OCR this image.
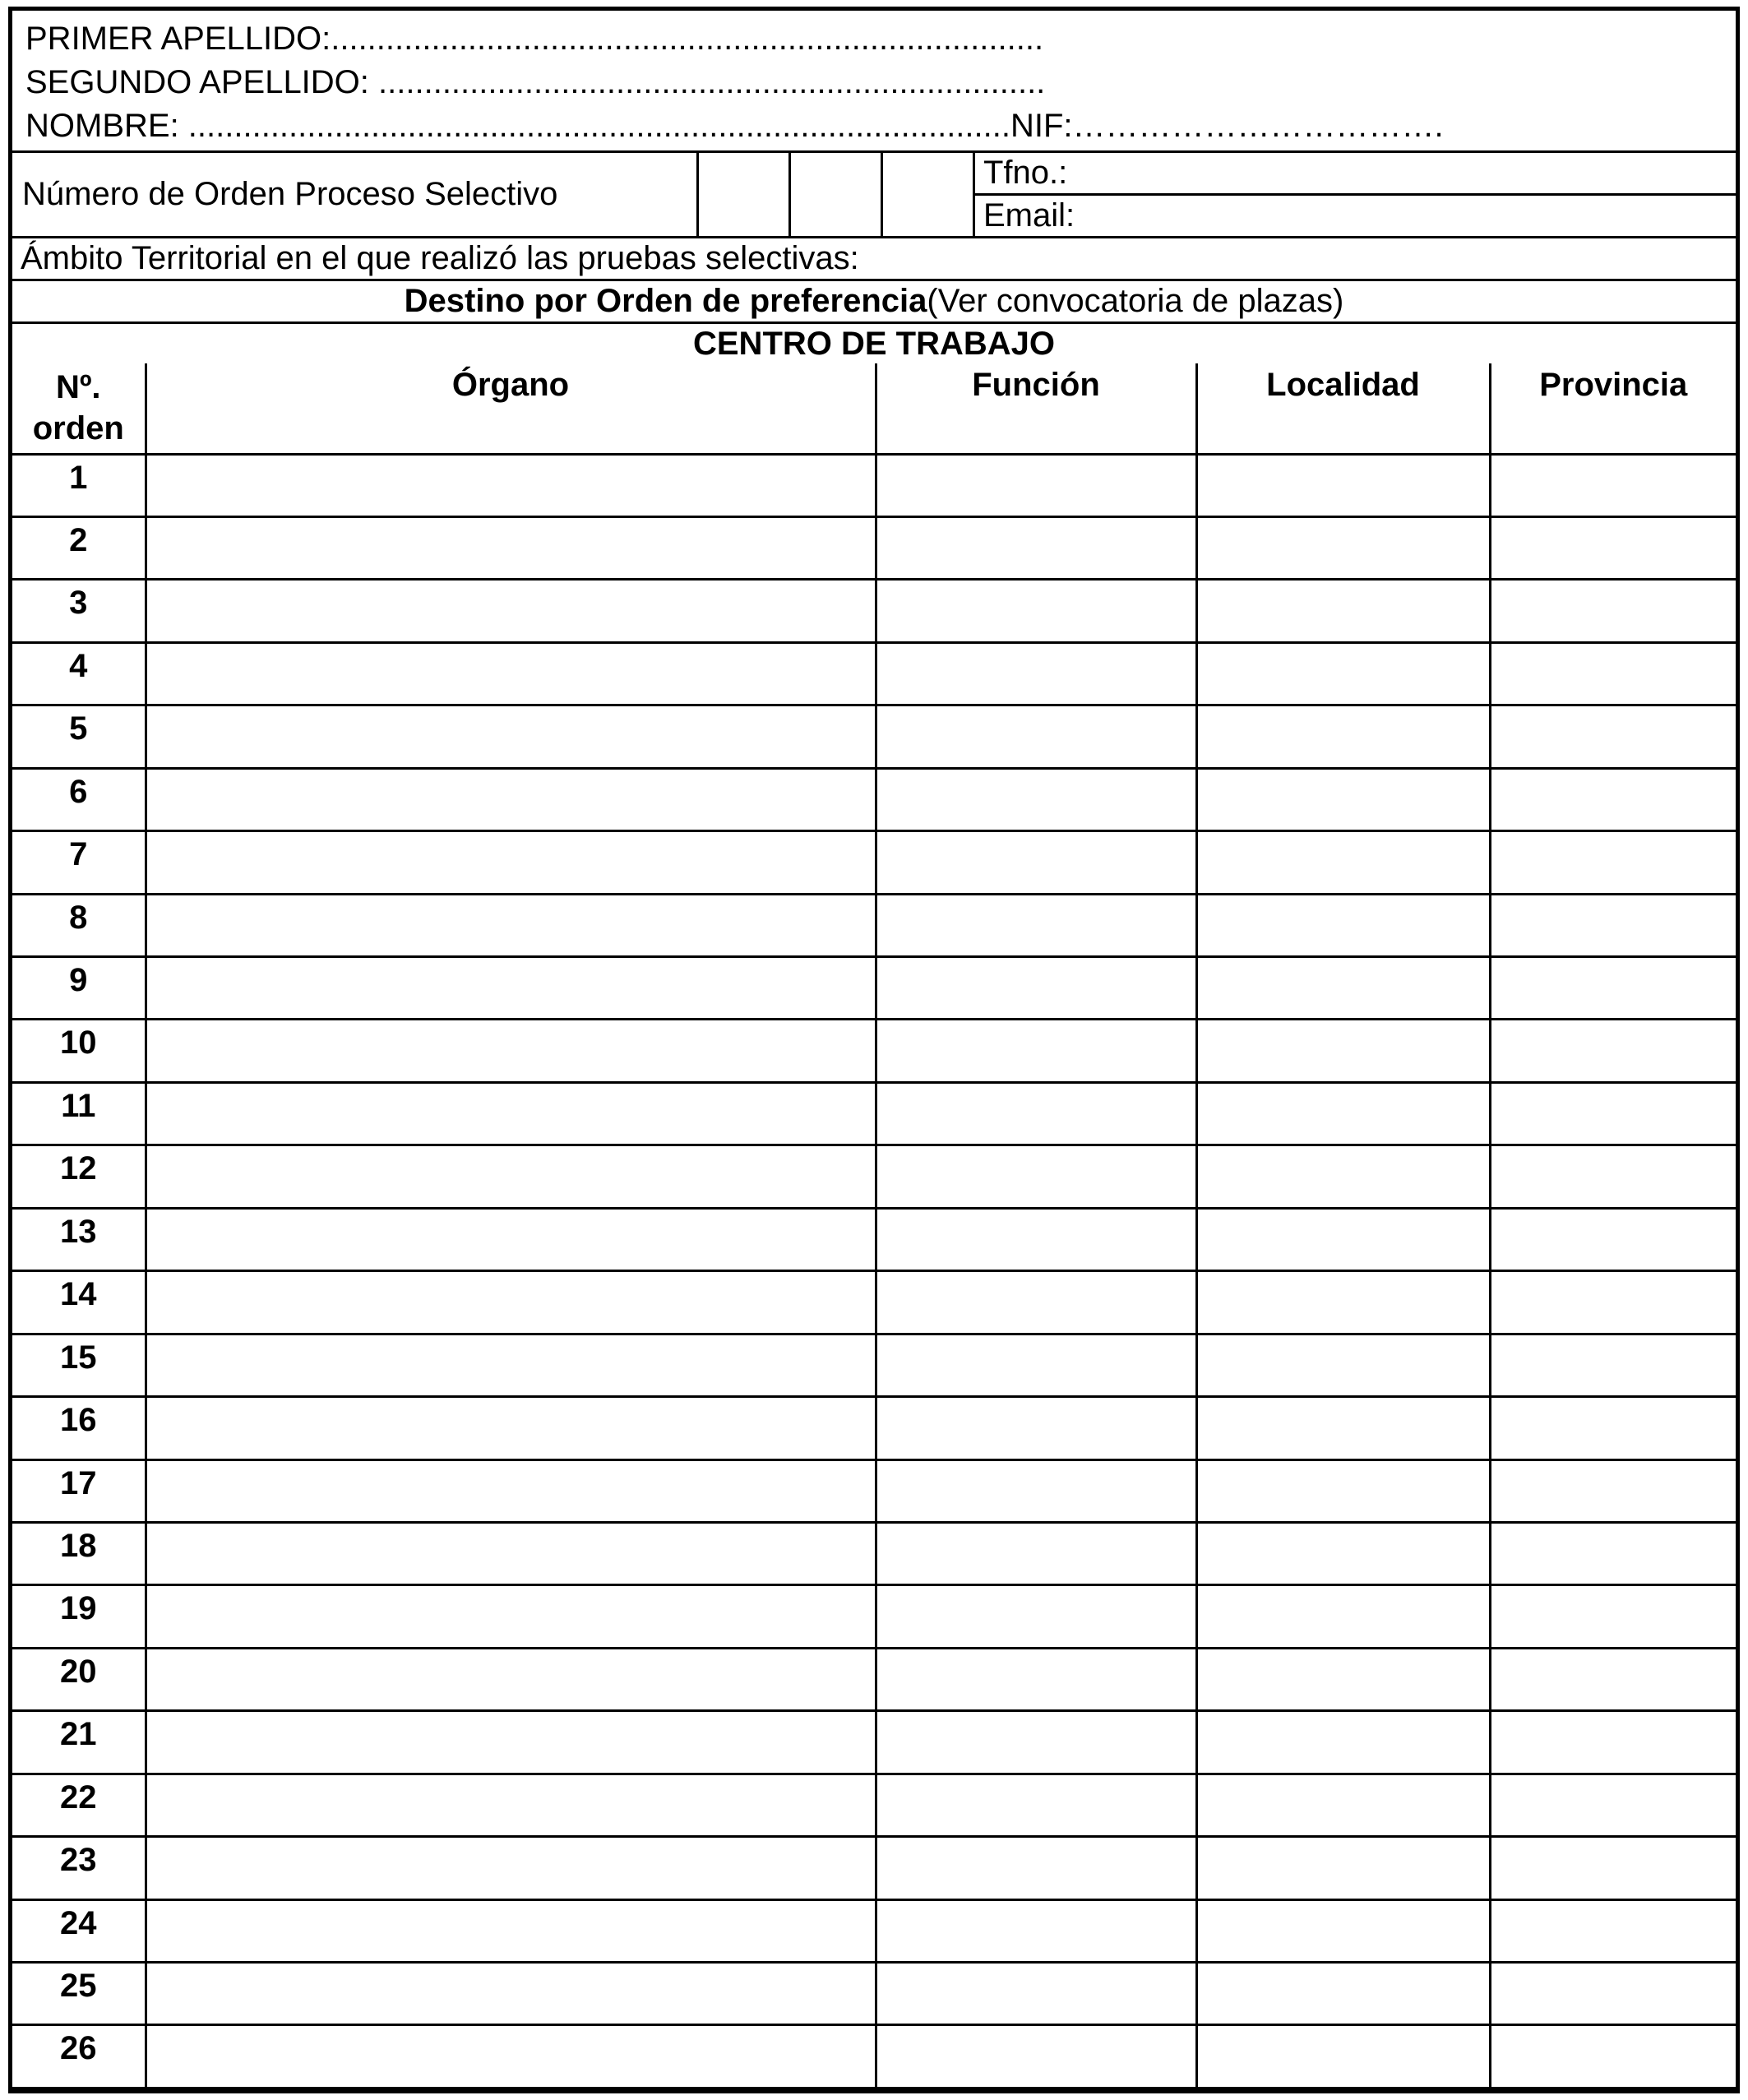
PRIMER APELLIDO:..............................................................................
SEGUNDO APELLIDO: .........................................................................
NOMBRE: ..........................................................................................NIF:…………………………….
Número de Orden Proceso Selectivo
Tfno.:
Email:
Ámbito Territorial en el que realizó las pruebas selectivas:
Destino por Orden de preferencia (Ver convocatoria de plazas)
CENTRO DE TRABAJO
Nº.
orden	Órgano	Función	Localidad	Provincia
1				
2				
3				
4				
5				
6				
7				
8				
9				
10				
11				
12				
13				
14				
15				
16				
17				
18				
19				
20				
21				
22				
23				
24				
25				
26				
